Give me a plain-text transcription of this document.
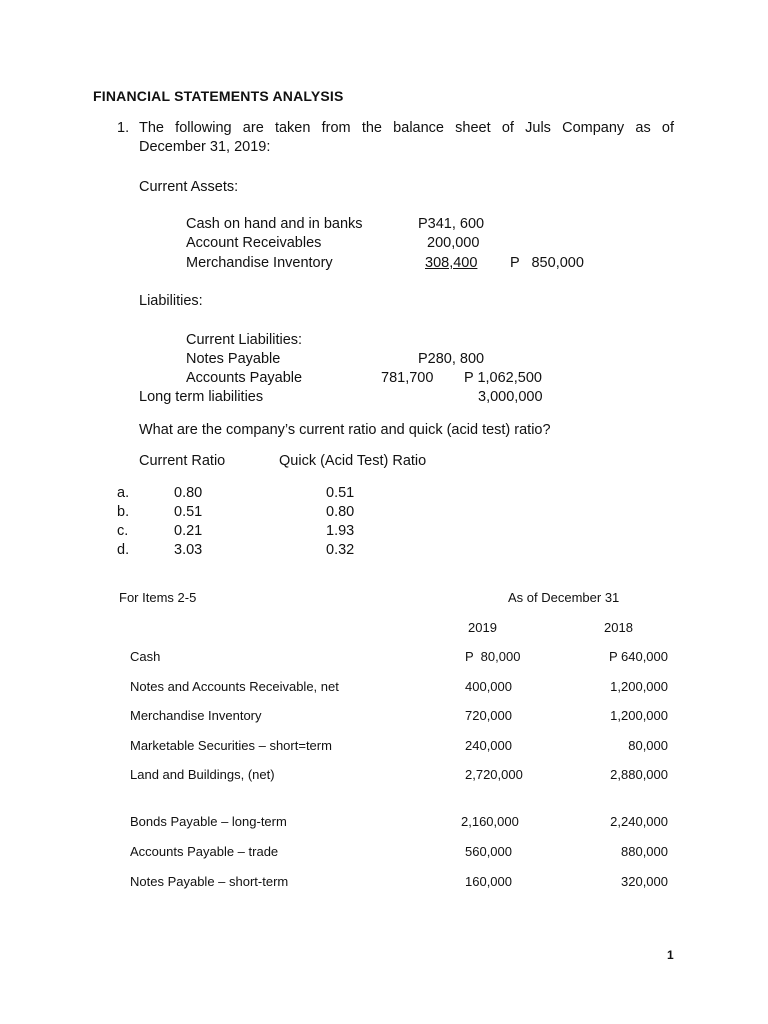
FINANCIAL STATEMENTS ANALYSIS
1. The following are taken from the balance sheet of Juls Company as of
December 31, 2019:
Current Assets:
Cash on hand and in banks	P341, 600
Account Receivables	200,000
Merchandise Inventory	308,400 P   850,000
Liabilities:
Current Liabilities:
Notes Payable	P280, 800
Accounts Payable	781,700 P 1,062,500
Long term liabilities	3,000,000
What are the company’s current ratio and quick (acid test) ratio?
Current Ratio	Quick (Acid Test) Ratio
a.	0.80	0.51
b.	0.51	0.80
c.	0.21	1.93
d.	3.03	0.32
For Items 2-5	As of December 31
2019	2018
Cash	P  80,000	P 640,000
Notes and Accounts Receivable, net	400,000	1,200,000
Merchandise Inventory	720,000	1,200,000
Marketable Securities – short=term	240,000	80,000
Land and Buildings, (net)	2,720,000	2,880,000
Bonds Payable – long-term	2,160,000	2,240,000
Accounts Payable – trade	560,000	880,000
Notes Payable – short-term	160,000	320,000
1
